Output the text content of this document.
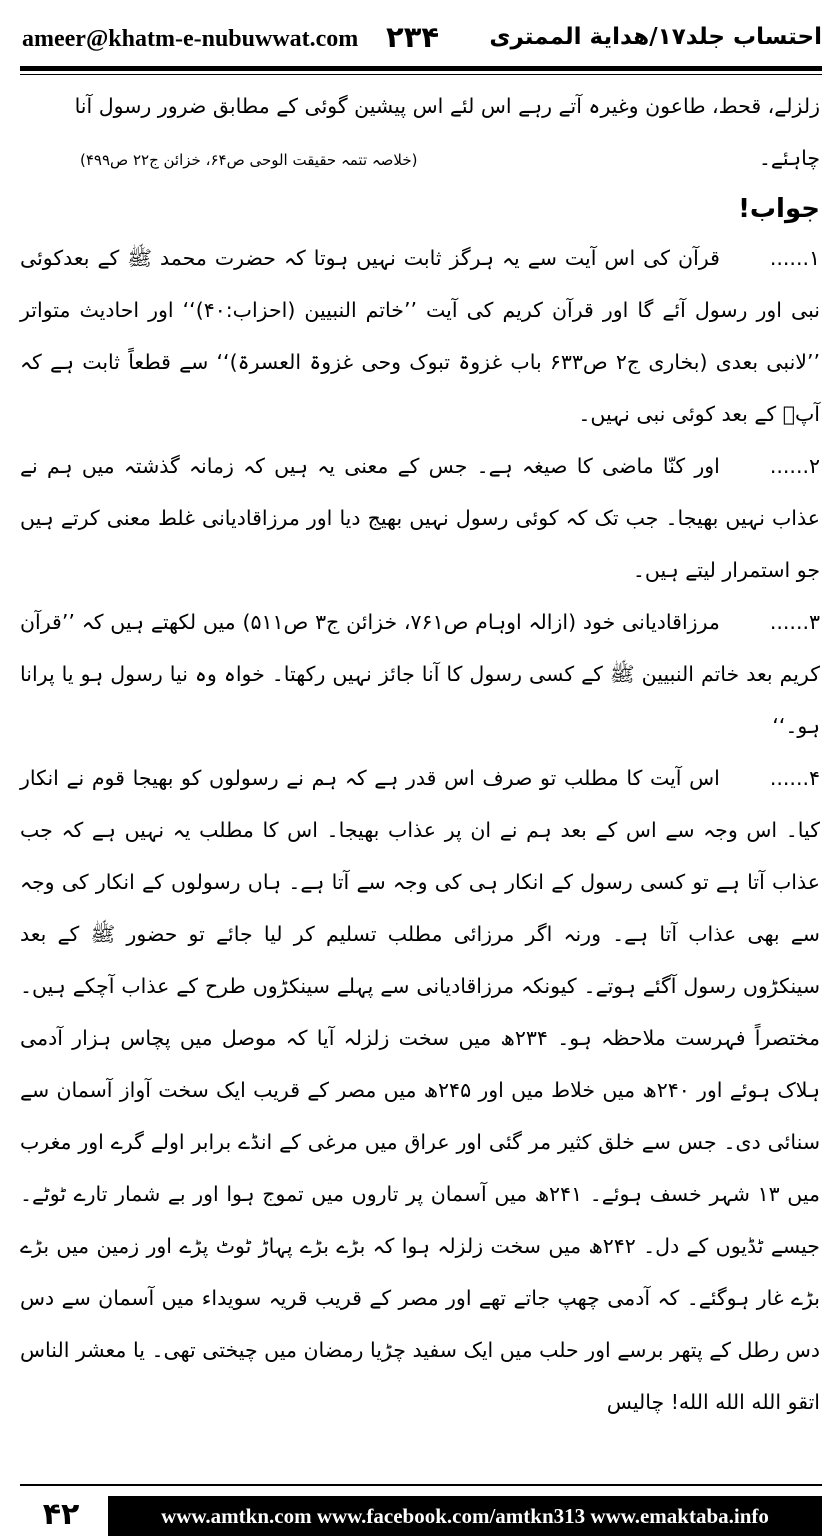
ameer@khatm-e-nubuwwat.com ۲۳۴ احتساب جلد۱۷/هداية الممترى

زلزلے، قحط، طاعون وغیرہ آتے رہے اس لئے اس پیشین گوئی کے مطابق ضرور رسول آنا

چاہئے۔
(خلاصہ تتمہ حقیقت الوحی ص۶۴، خزائن ج۲۲ ص۴۹۹)

جواب!

۱......قرآن کی اس آیت سے یہ ہرگز ثابت نہیں ہوتا کہ حضرت محمد ﷺ کے بعدکوئی نبی اور رسول آئے گا اور قرآن کریم کی آیت ’’خاتم النبیین (احزاب:۴۰)‘‘ اور احادیث متواتر ’’لانبی بعدی (بخاری ج۲ ص۶۳۳ باب غزوۃ تبوک وحی غزوۃ العسرۃ)‘‘ سے قطعاً ثابت ہے کہ آپؐ کے بعد کوئی نبی نہیں۔

۲......اور کنّا ماضی کا صیغہ ہے۔ جس کے معنی یہ ہیں کہ زمانہ گذشتہ میں ہم نے عذاب نہیں بھیجا۔ جب تک کہ کوئی رسول نہیں بھیج دیا اور مرزاقادیانی غلط معنی کرتے ہیں جو استمرار لیتے ہیں۔

۳......مرزاقادیانی خود (ازالہ اوہام ص۷۶۱، خزائن ج۳ ص۵۱۱) میں لکھتے ہیں کہ ’’قرآن کریم بعد خاتم النبیین ﷺ کے کسی رسول کا آنا جائز نہیں رکھتا۔ خواہ وہ نیا رسول ہو یا پرانا ہو۔‘‘

۴......اس آیت کا مطلب تو صرف اس قدر ہے کہ ہم نے رسولوں کو بھیجا قوم نے انکار کیا۔ اس وجہ سے اس کے بعد ہم نے ان پر عذاب بھیجا۔ اس کا مطلب یہ نہیں ہے کہ جب عذاب آتا ہے تو کسی رسول کے انکار ہی کی وجہ سے آتا ہے۔ ہاں رسولوں کے انکار کی وجہ سے بھی عذاب آتا ہے۔ ورنہ اگر مرزائی مطلب تسلیم کر لیا جائے تو حضور ﷺ کے بعد سینکڑوں رسول آگئے ہوتے۔ کیونکہ مرزاقادیانی سے پہلے سینکڑوں طرح کے عذاب آچکے ہیں۔ مختصراً فہرست ملاحظہ ہو۔ ۲۳۴ھ میں سخت زلزلہ آیا کہ موصل میں پچاس ہزار آدمی ہلاک ہوئے اور ۲۴۰ھ میں خلاط میں اور ۲۴۵ھ میں مصر کے قریب ایک سخت آواز آسمان سے سنائی دی۔ جس سے خلق کثیر مر گئی اور عراق میں مرغی کے انڈے برابر اولے گرے اور مغرب میں ۱۳ شہر خسف ہوئے۔ ۲۴۱ھ میں آسمان پر تاروں میں تموج ہوا اور بے شمار تارے ٹوٹے۔ جیسے ٹڈیوں کے دل۔ ۲۴۲ھ میں سخت زلزلہ ہوا کہ بڑے بڑے پہاڑ ٹوٹ پڑے اور زمین میں بڑے بڑے غار ہوگئے۔ کہ آدمی چھپ جاتے تھے اور مصر کے قریب قریہ سویداء میں آسمان سے دس دس رطل کے پتھر برسے اور حلب میں ایک سفید چڑیا رمضان میں چیختی تھی۔ یا معشر الناس اتقو الله الله الله! چالیس

۴۲	www.amtkn.com www.facebook.com/amtkn313 www.emaktaba.info
